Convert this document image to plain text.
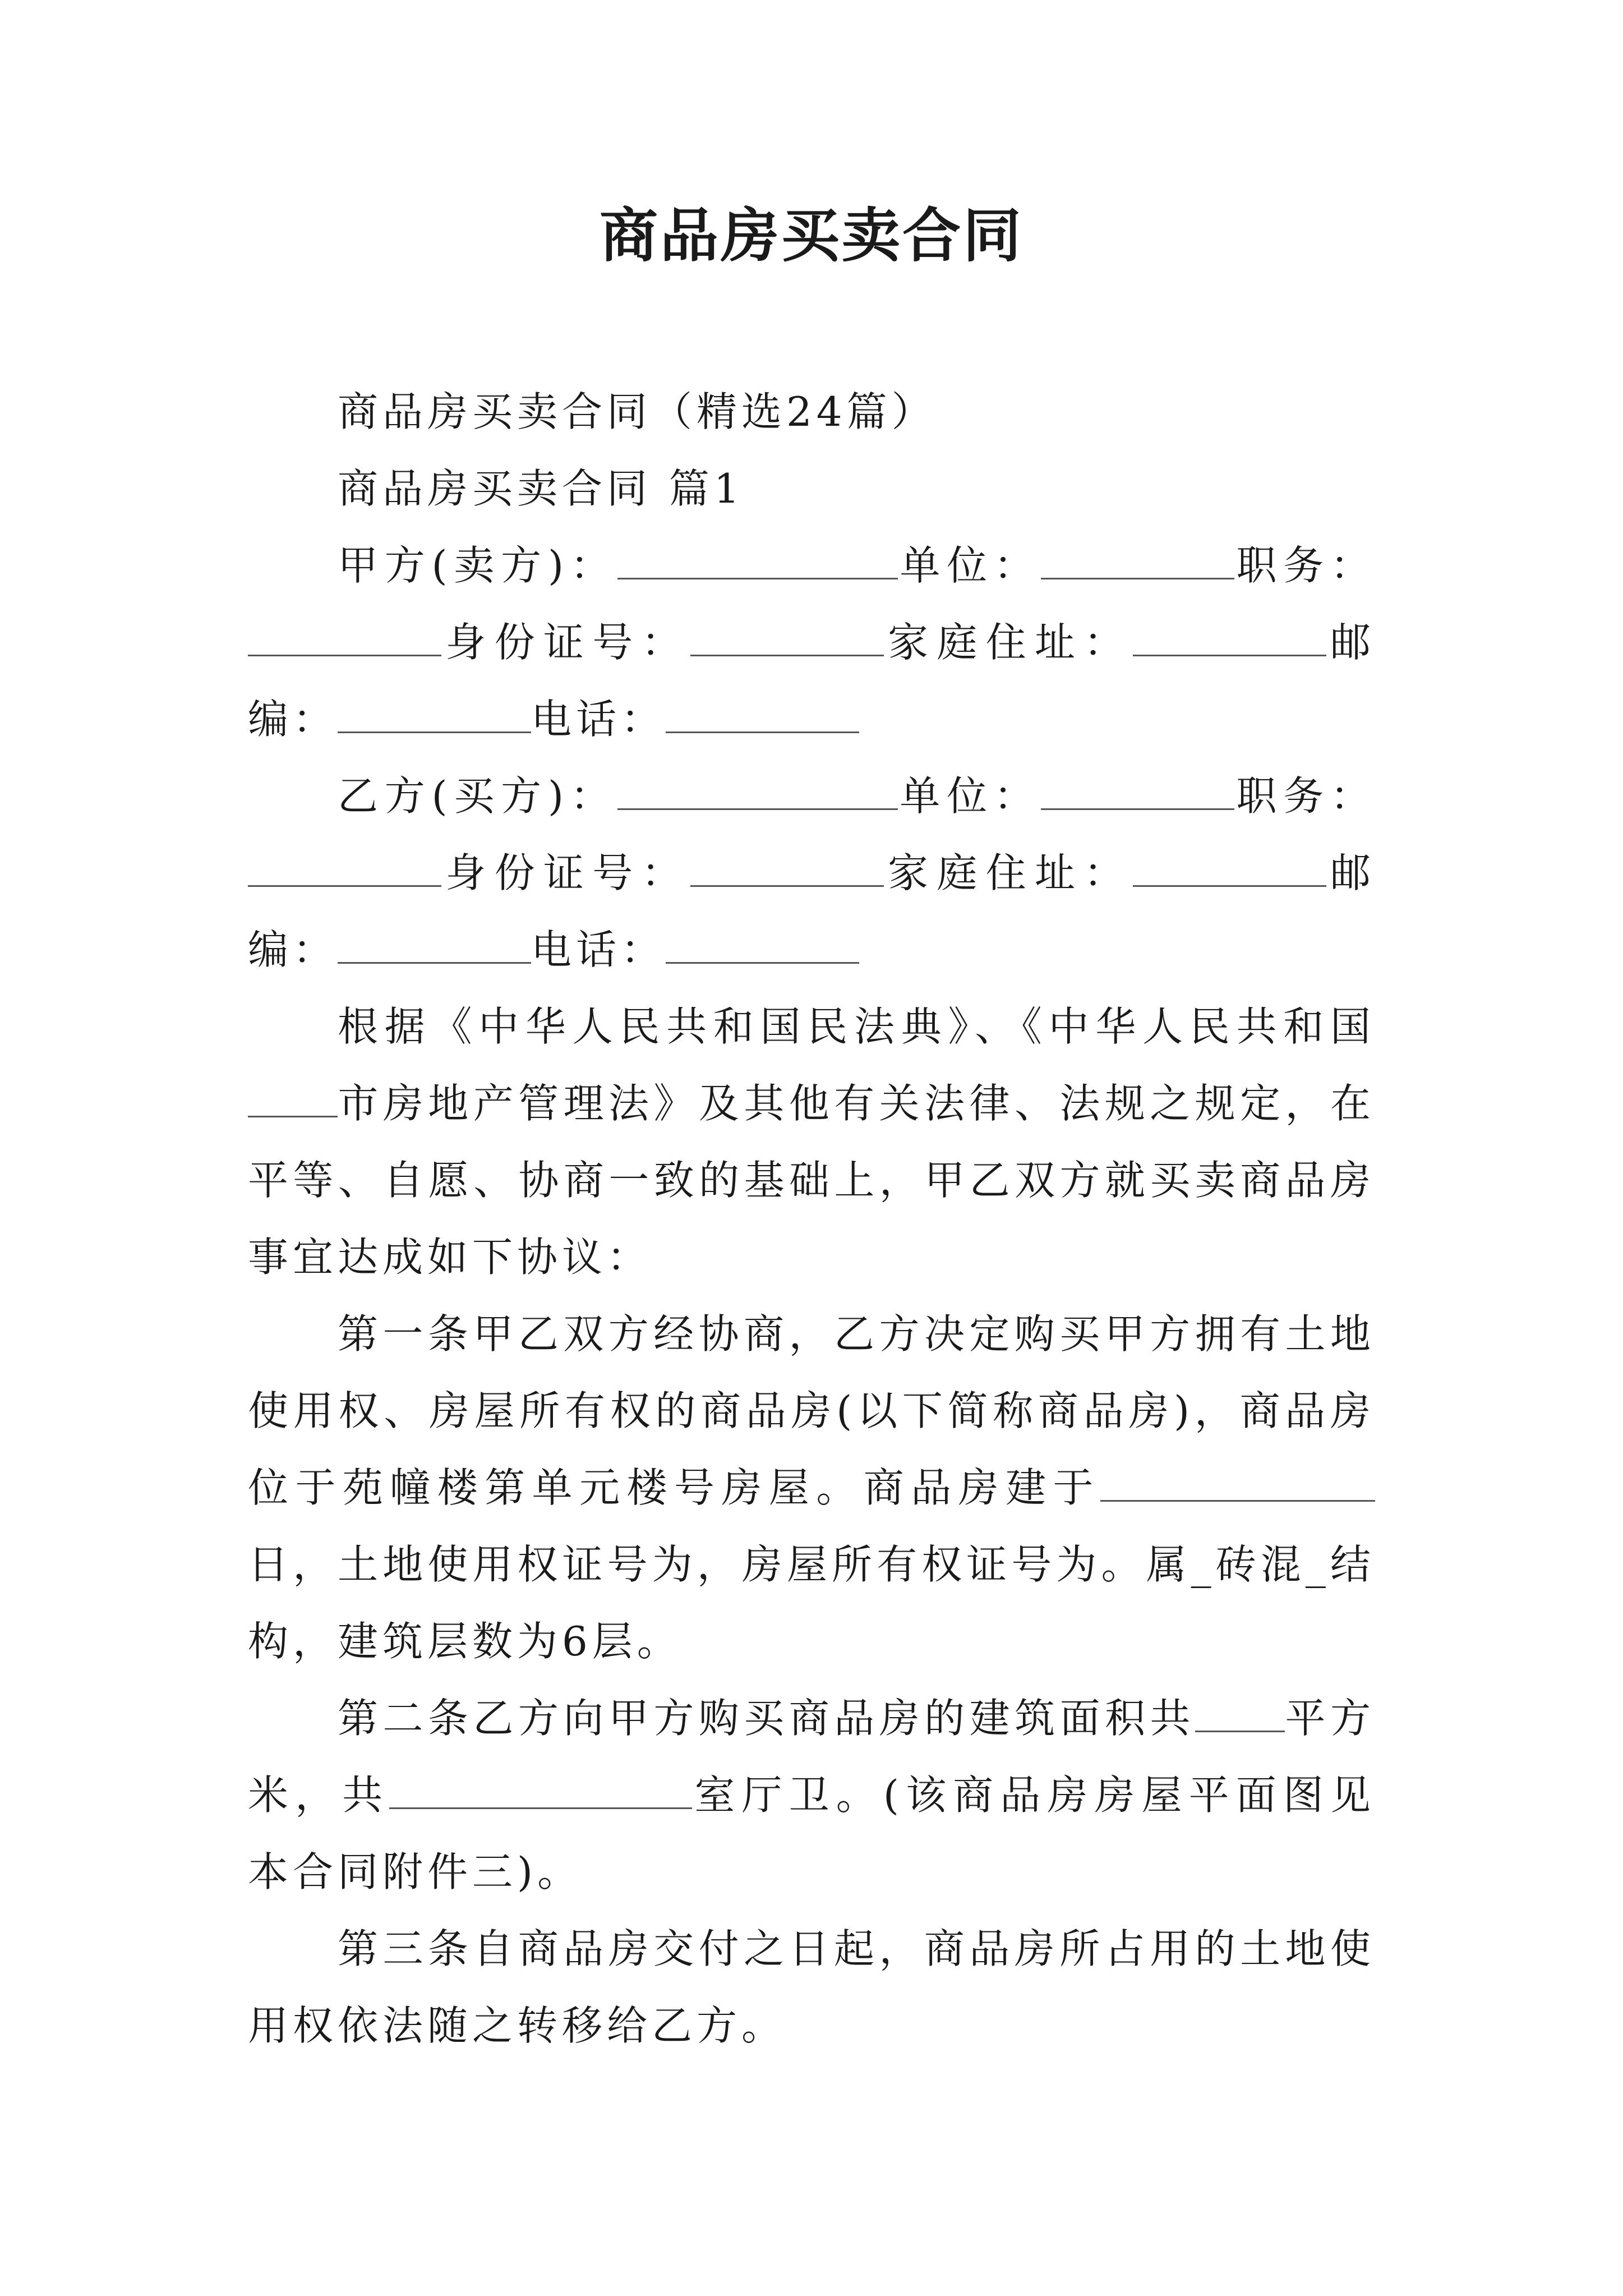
商品房买卖合同

商品房买卖合同（精选24篇）

商品房买卖合同 篇1

甲方(卖方)：	单位：	职务：身份证号：	家庭住址：	邮编：	电话：

乙方(买方)：	单位：	职务：身份证号：	家庭住址：	邮编：	电话：

根据《中华人民共和国民法典》、《中华人民共和国市房地产管理法》及其他有关法律、法规之规定，在平等、自愿、协商一致的基础上，甲乙双方就买卖商品房事宜达成如下协议：

第一条甲乙双方经协商，乙方决定购买甲方拥有土地使用权、房屋所有权的商品房(以下简称商品房)，商品房位于苑幢楼第单元楼号房屋。商品房建于日，土地使用权证号为，房屋所有权证号为。属_砖混_结构，建筑层数为6层。

第二条乙方向甲方购买商品房的建筑面积共 平方米，共	室厅卫。(该商品房房屋平面图见本合同附件三)。

第三条自商品房交付之日起，商品房所占用的土地使用权依法随之转移给乙方。
